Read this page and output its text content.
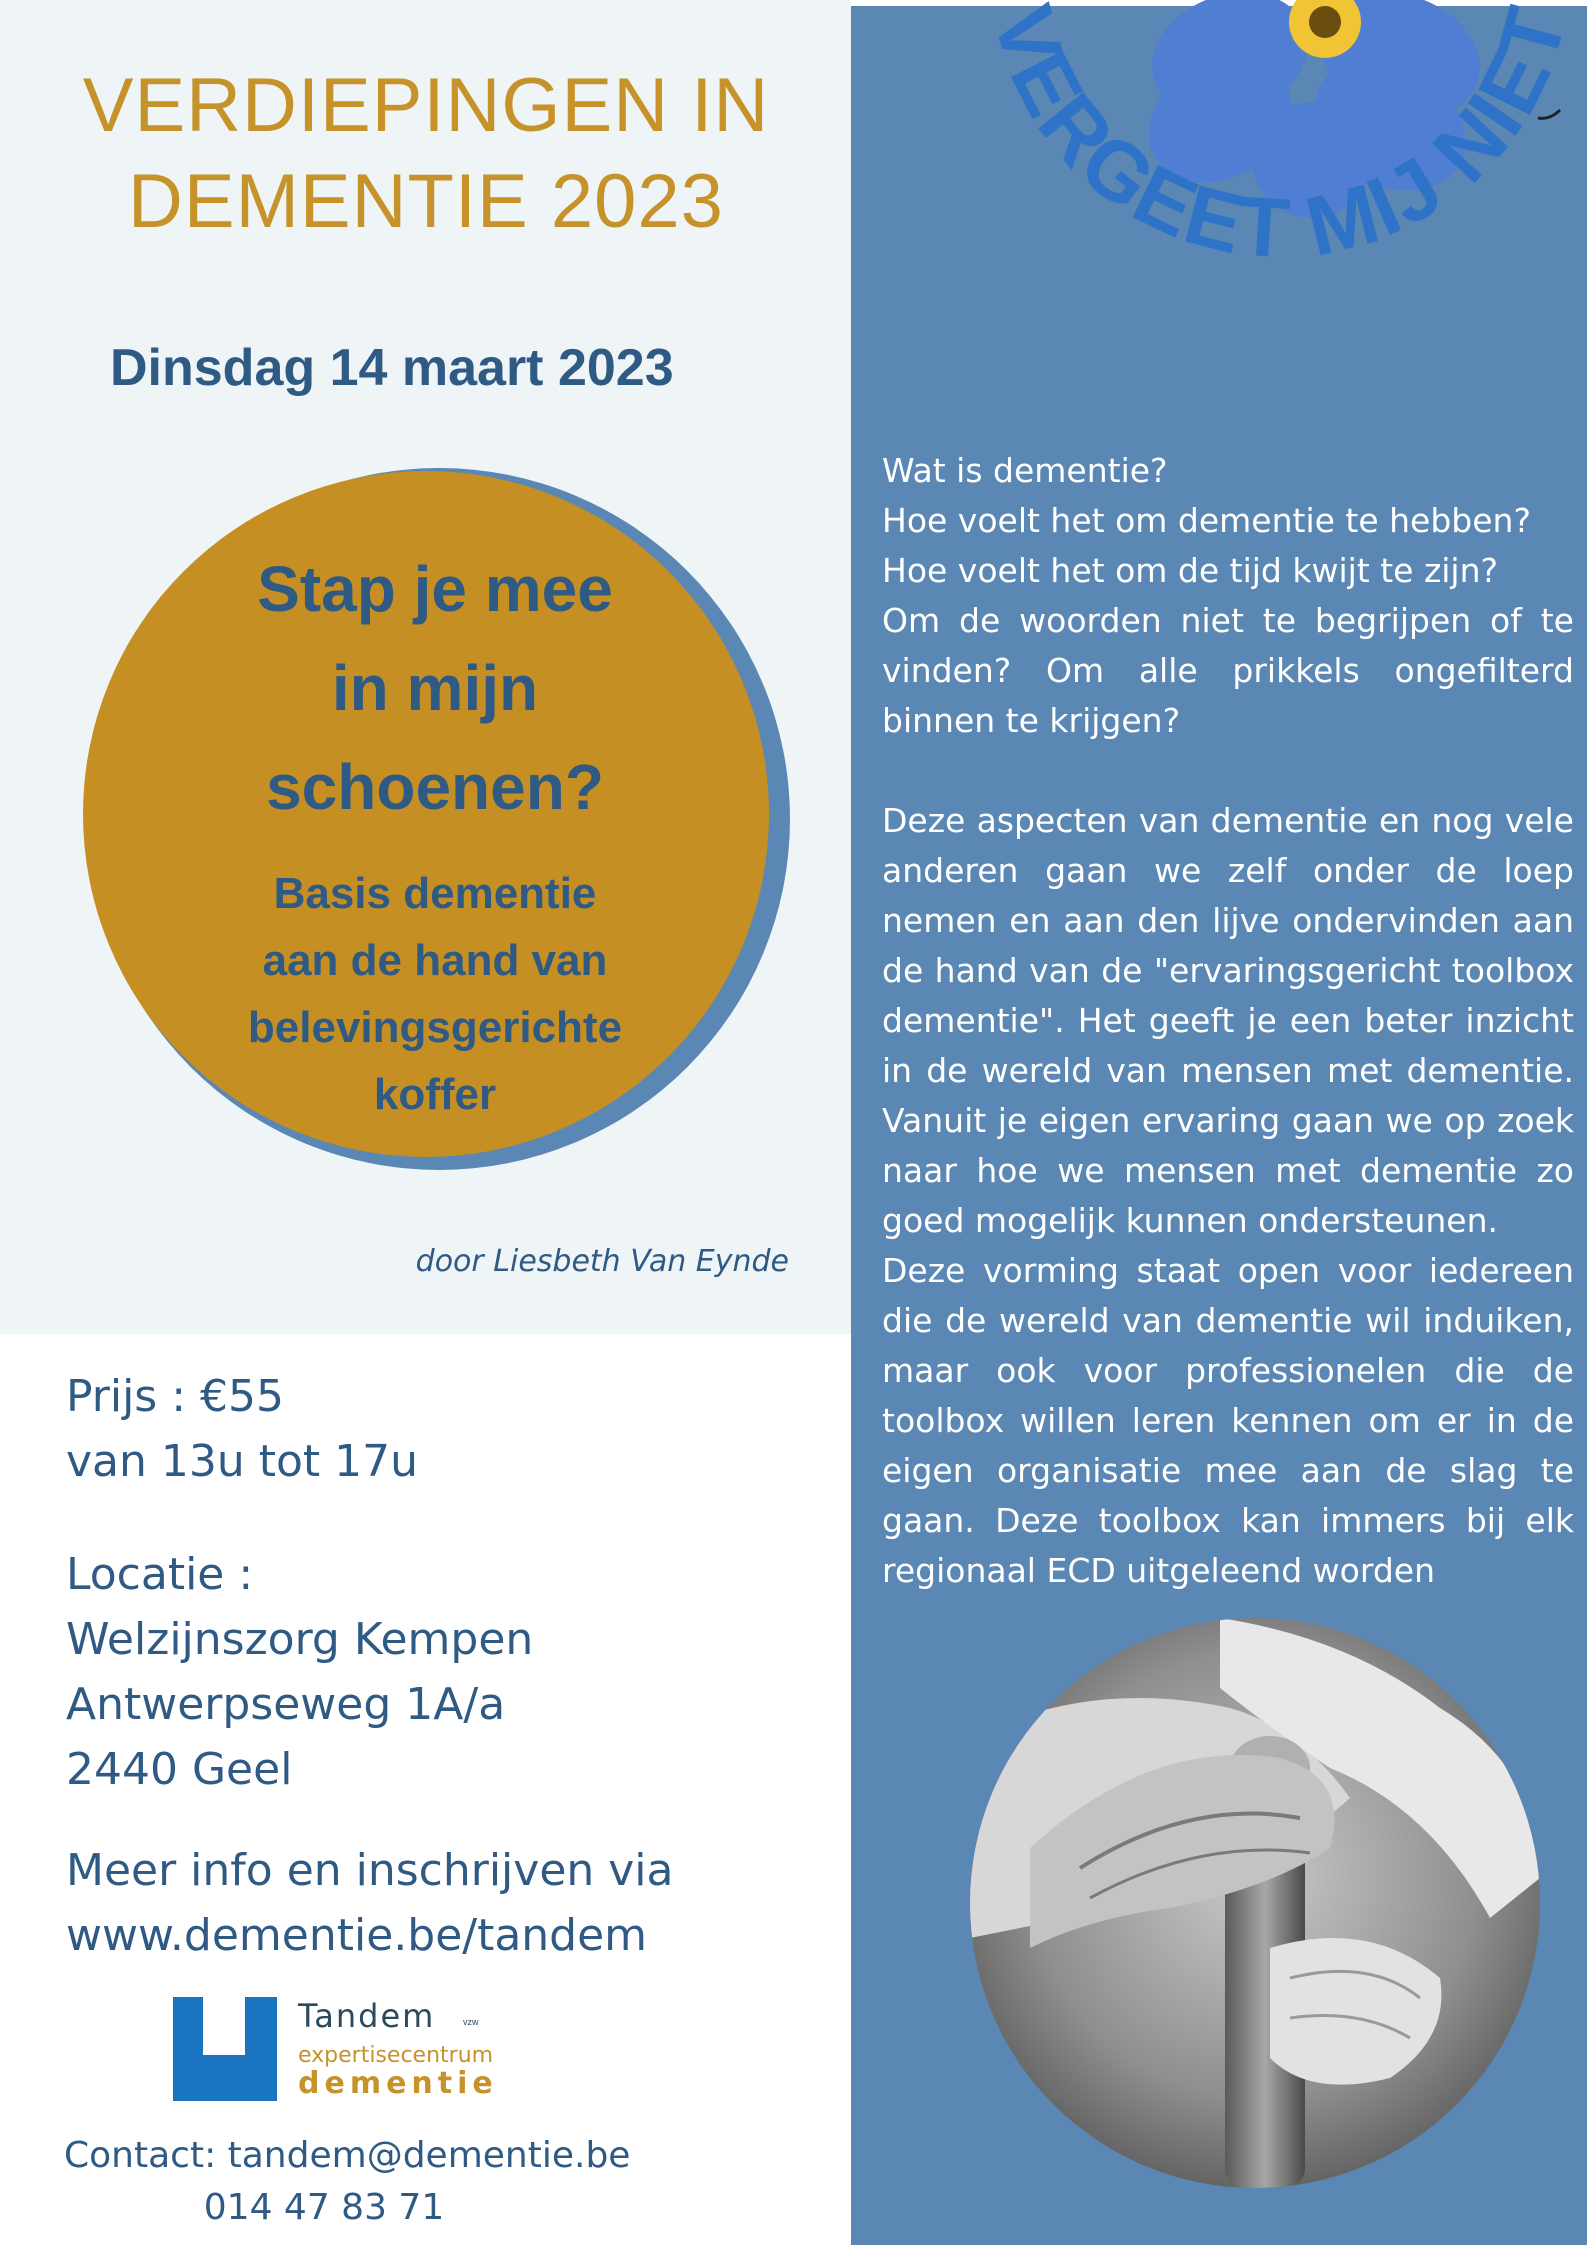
VERDIEPINGEN IN
DEMENTIE 2023
Dinsdag 14 maart 2023
Stap je mee
in mijn
schoenen?
Basis dementie
aan de hand van
belevingsgerichte
koffer
door Liesbeth Van Eynde
Prijs : €55
van 13u tot 17u
Locatie :
Welzijnszorg Kempen
Antwerpseweg 1A/a
2440 Geel
Meer info en inschrijven via
www.dementie.be/tandem
Tandem	vzw
expertisecentrum
dementie
Contact: tandem@dementie.be
014 47 83 71
VERGEET MIJ NIET

Wat is dementie?

Hoe voelt het om dementie te hebben?

Hoe voelt het om de tijd kwijt te zijn?

Om de woorden niet te begrijpen of te vinden? Om alle prikkels ongefilterd binnen te krijgen?

Deze aspecten van dementie en nog vele anderen gaan we zelf onder de loep nemen en aan den lijve ondervinden aan de hand van de "ervaringsgericht toolbox dementie". Het geeft je een beter inzicht in de wereld van mensen met dementie. Vanuit je eigen ervaring gaan we op zoek naar hoe we mensen met dementie zo goed mogelijk kunnen ondersteunen.

Deze vorming staat open voor iedereen die de wereld van dementie wil induiken, maar ook voor professionelen die de toolbox willen leren kennen om er in de eigen organisatie mee aan de slag te gaan. Deze toolbox kan immers bij elk regionaal ECD uitgeleend worden
